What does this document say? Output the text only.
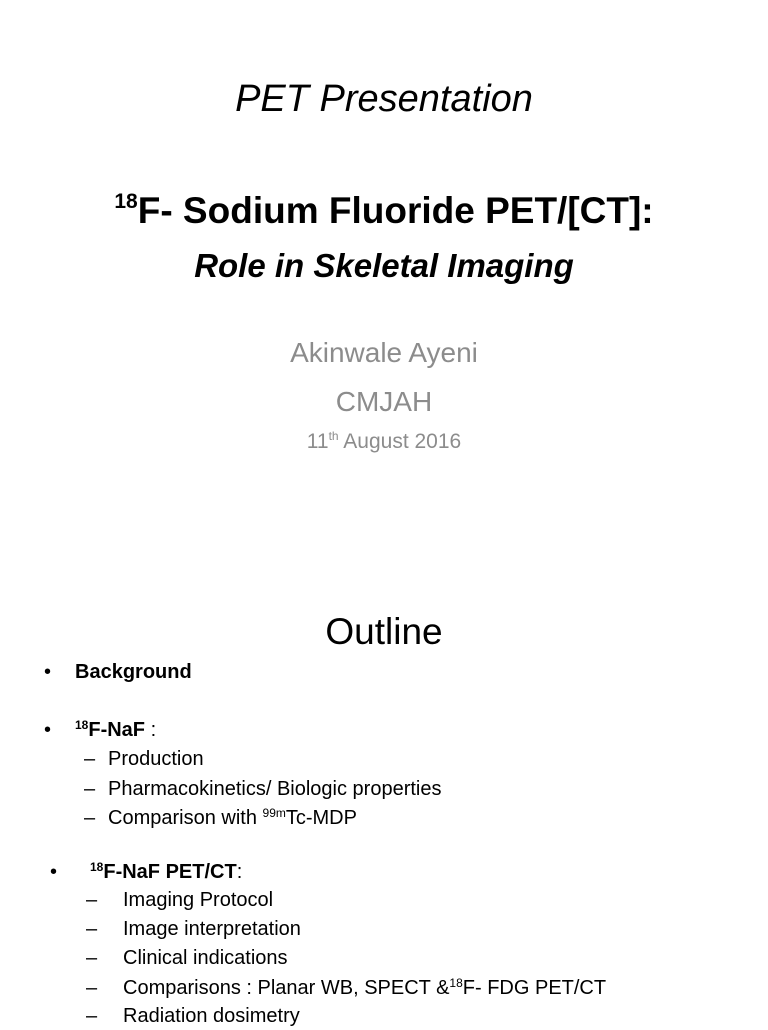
PET Presentation
$^{18}$F- Sodium Fluoride PET/[CT]:
Role in Skeletal Imaging
Akinwale Ayeni
CMJAH
11th August 2016
Outline
• Background
• $^{18}$F-NaF :
– Production
– Pharmacokinetics/ Biologic properties
– Comparison with $^{99m}$Tc-MDP
•	$^{18}$F-NaF PET/CT:
– Imaging Protocol
– Image interpretation
– Clinical indications
– Comparisons : Planar WB, SPECT &$^{18}$F- FDG PET/CT
– Radiation dosimetry
